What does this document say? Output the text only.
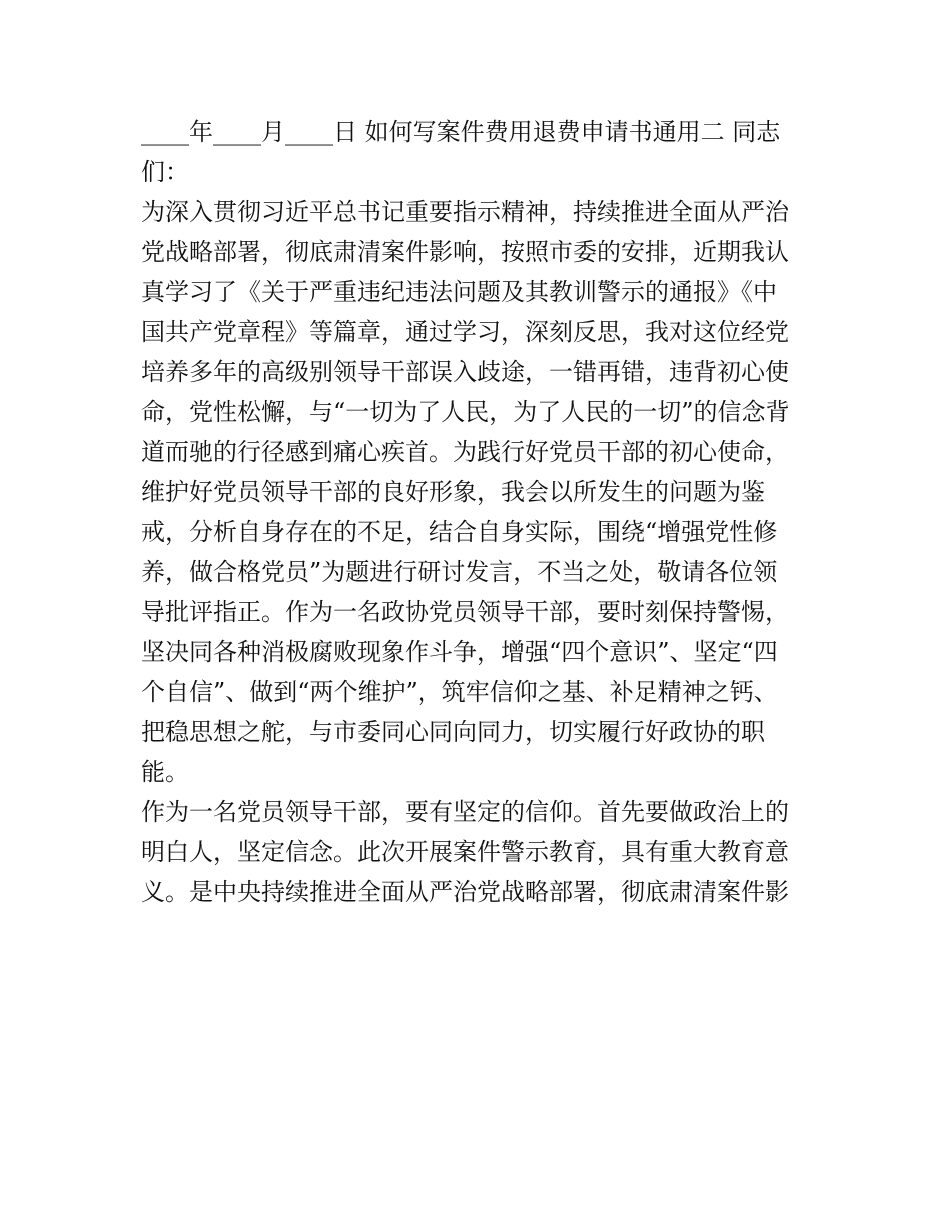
____年____月____日 如何写案件费用退费申请书通用二 同志
们：
为深入贯彻习近平总书记重要指示精神，持续推进全面从严治
党战略部署，彻底肃清案件影响，按照市委的安排，近期我认
真学习了《关于严重违纪违法问题及其教训警示的通报》《中
国共产党章程》等篇章，通过学习，深刻反思，我对这位经党
培养多年的高级别领导干部误入歧途，一错再错，违背初心使
命，党性松懈，与“一切为了人民，为了人民的一切”的信念背
道而驰的行径感到痛心疾首。为践行好党员干部的初心使命，
维护好党员领导干部的良好形象，我会以所发生的问题为鉴
戒，分析自身存在的不足，结合自身实际，围绕“增强党性修
养，做合格党员”为题进行研讨发言，不当之处，敬请各位领
导批评指正。作为一名政协党员领导干部，要时刻保持警惕，
坚决同各种消极腐败现象作斗争，增强“四个意识”、坚定“四
个自信”、做到“两个维护”，筑牢信仰之基、补足精神之钙、
把稳思想之舵，与市委同心同向同力，切实履行好政协的职
能。
作为一名党员领导干部，要有坚定的信仰。首先要做政治上的
明白人，坚定信念。此次开展案件警示教育，具有重大教育意
义。是中央持续推进全面从严治党战略部署，彻底肃清案件影
